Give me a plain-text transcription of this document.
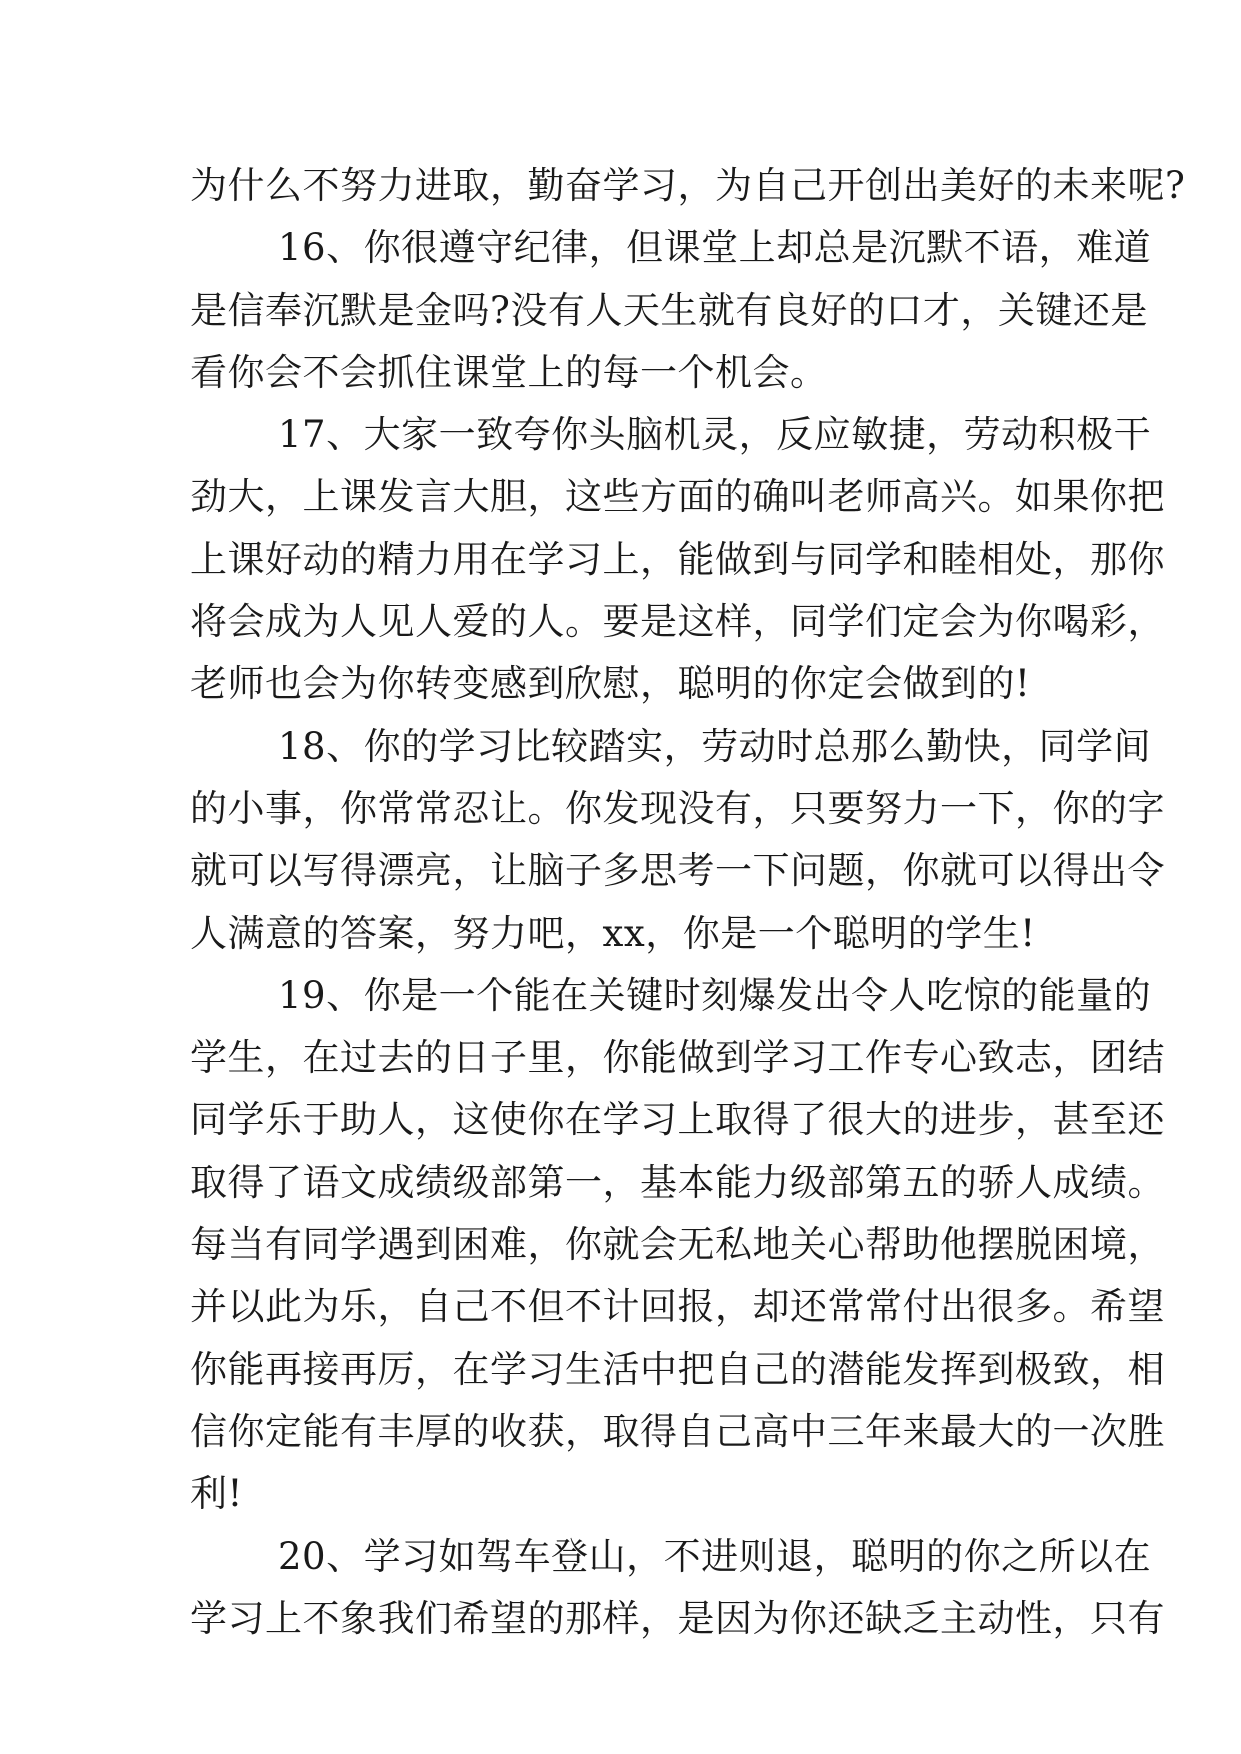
为什么不努力进取，勤奋学习，为自己开创出美好的未来呢?
16、你很遵守纪律，但课堂上却总是沉默不语，难道
是信奉沉默是金吗?没有人天生就有良好的口才，关键还是
看你会不会抓住课堂上的每一个机会。
17、大家一致夸你头脑机灵，反应敏捷，劳动积极干
劲大，上课发言大胆，这些方面的确叫老师高兴。如果你把
上课好动的精力用在学习上，能做到与同学和睦相处，那你
将会成为人见人爱的人。要是这样，同学们定会为你喝彩，
老师也会为你转变感到欣慰，聪明的你定会做到的!
18、你的学习比较踏实，劳动时总那么勤快，同学间
的小事，你常常忍让。你发现没有，只要努力一下，你的字
就可以写得漂亮，让脑子多思考一下问题，你就可以得出令
人满意的答案，努力吧，xx，你是一个聪明的学生!
19、你是一个能在关键时刻爆发出令人吃惊的能量的
学生，在过去的日子里，你能做到学习工作专心致志，团结
同学乐于助人，这使你在学习上取得了很大的进步，甚至还
取得了语文成绩级部第一，基本能力级部第五的骄人成绩。
每当有同学遇到困难，你就会无私地关心帮助他摆脱困境，
并以此为乐，自己不但不计回报，却还常常付出很多。希望
你能再接再厉，在学习生活中把自己的潜能发挥到极致，相
信你定能有丰厚的收获，取得自己高中三年来最大的一次胜
利!
20、学习如驾车登山，不进则退，聪明的你之所以在
学习上不象我们希望的那样，是因为你还缺乏主动性，只有
